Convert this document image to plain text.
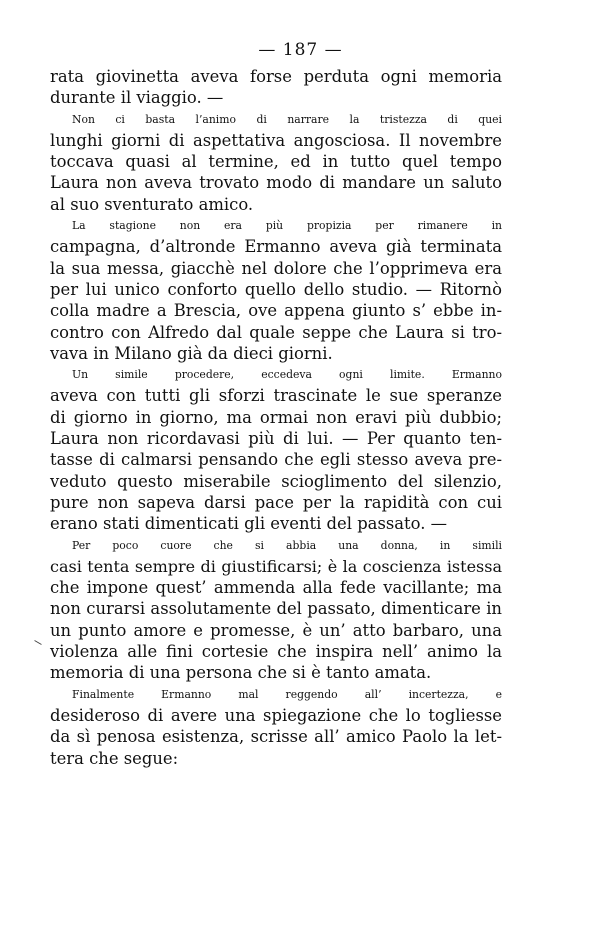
— 187 —
rata giovinetta aveva forse perduta ogni memoria
durante il viaggio. —
Non ci basta l’animo di narrare la tristezza di quei
lunghi giorni di aspettativa angosciosa. Il novembre
toccava quasi al termine, ed in tutto quel tempo
Laura non aveva trovato modo di mandare un saluto
al suo sventurato amico.
La stagione non era più propizia per rimanere in
campagna, d’altronde Ermanno aveva già terminata
la sua messa, giacchè nel dolore che l’opprimeva era
per lui unico conforto quello dello studio. — Ritornò
colla madre a Brescia, ove appena giunto s’ ebbe in-
contro con Alfredo dal quale seppe che Laura si tro-
vava in Milano già da dieci giorni.
Un simile procedere, eccedeva ogni limite. Ermanno
aveva con tutti gli sforzi trascinate le sue speranze
di giorno in giorno, ma ormai non eravi più dubbio;
Laura non ricordavasi più di lui. — Per quanto ten-
tasse di calmarsi pensando che egli stesso aveva pre-
veduto questo miserabile scioglimento del silenzio,
pure non sapeva darsi pace per la rapidità con cui
erano stati dimenticati gli eventi del passato. —
Per poco cuore che si abbia una donna, in simili
casi tenta sempre di giustificarsi; è la coscienza istessa
che impone quest’ ammenda alla fede vacillante; ma
non curarsi assolutamente del passato, dimenticare in
un punto amore e promesse, è un’ atto barbaro, una
violenza alle fini cortesie che inspira nell’ animo la
memoria di una persona che si è tanto amata.
Finalmente Ermanno mal reggendo all’ incertezza, e
desideroso di avere una spiegazione che lo togliesse
da sì penosa esistenza, scrisse all’ amico Paolo la let-
tera che segue:
